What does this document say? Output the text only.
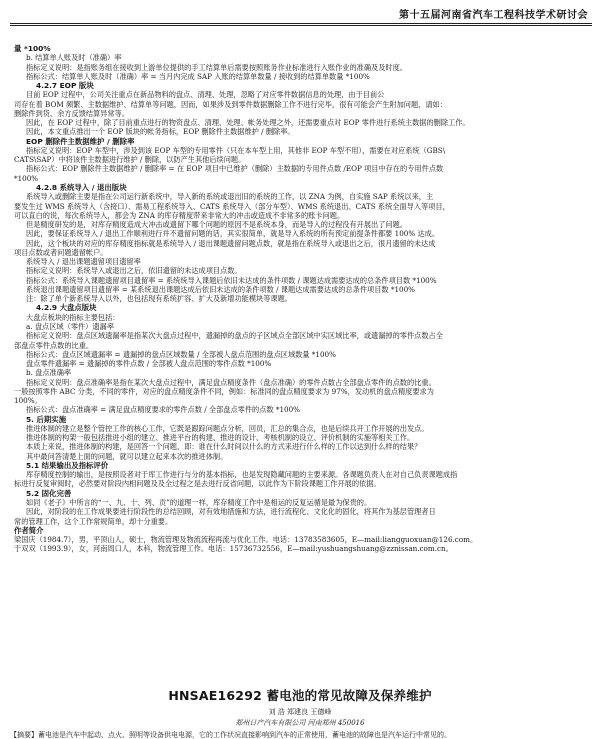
第十五届河南省汽车工程科技学术研讨会
量 *100%
b. 结算单人账及时（准确）率
指标定义说明：是指账务组在接收到上游单位提供的手工结算单后需要按照账务作业标准进行入账作业的准确及及时度。
指标公式：结算单人账及时（准确）率 = 当月内完成 SAP 入账的结算单数量 / 接收到的结算单数量 *100%
4.2.7 EOP 版块
目前 EOP 过程中，公司关注重点在新品物料的盘点、清理、处理，忽略了对应零件数据信息的处理，由于目前公
司存在着 BOM 频繁、主数据维护、结算单等问题，因而，如果涉及到零件数据删除工作不进行完毕，很有可能会产生附加问题，请如：
删除件到货、余方反馈结算异常等。
因此，在 EOP 过程中，除了目前重点进行的物资盘点、清理、处理、帐务处理之外，还需要重点对 EOP 零件进行系统主数据的删除工作。
因此，本文重点推出一个 EOP 版块的帐务指标，EOP 删除件主数据维护 / 删除率。
EOP 删除件主数据维护 / 删除率
指标定义说明：EOP 车型中，涉及到该 EOP 车型的专用零件（只在本车型上用，其他非 EOP 车型不用），需要在对应系统（GBS\
CATS\SAP）中将该件主数据进行维护 / 删除，以防产生其他后续问题。
指标公式：EOP 删除件主数据维护 / 删除率 = 在 EOP 项目中已维护（删除）主数据的专用件点数 /EOP 项目中存在的专用件点数
*100%
4.2.8 系统导入 / 退出版块
系统导入或删除主要是指在公司运行新系统中，导入新的系统或退出旧的系统的工作，以 ZNA 为例，自实施 SAP 系统以来，主
要发生过 WMS 系统导入（含接口）、需易工程系统导入、CATS 系统导入（部分车型）、WMS 系统退出、CATS 系统全面导入等项目，
可以直白的说，每次系统导入，都会为 ZNA 的库存精度带来非常大的冲击或造成不非常多的账卡问题。
但是精度研发的是，对库存精度造成大冲击或遗留下哪个问题的原因不是系统本身，而是导入的过程没有开展出了问题。
因此，要保证系统导入 / 退出工作顺利进行并不遗留问题的话，其实很简单，就是导入系统的所有预定前提条件都要 100% 达成。
因此，这个板块的对应的库存精度指标就是系统导入 / 退出课题遗留问题点数，就是指在系统导入或退出之后，很月遗留的未达成
项目点数或者问题遗留帐户。
系统导入 / 退出课题遗留项目遗留率
指标定义说明：系统导入或退出之后，依旧遗留的未达成项目点数。
指标公式：系统导入课题遗留项目遗留率 = 系统统导入课题后依旧未达成的条件项数 / 课题达成需要达成的总条件项目数 *100%
系统退出课题遗留项目遗留率 = 某系统退出课题达成后依旧未达成的条件项数 / 课题达成需要达成的总条件项目数 *100%
注：除了单个新系统导入以外，也包括现有系统扩容、扩大及新增功能模块等课题。
4.2.9 大盘点版块
大盘点板块的指标主要包括：
a. 盘点区域（零件）遗漏率
指标定义说明：盘点区域遗漏率是指某次大盘点过程中，遗漏掉的盘点的子区域点全部区域中实区域比率，或遗漏掉的零件点数占全
部盘点零件点数的比重。
指标公式：盘点区域遗漏率 = 遗漏掉的盘点区域数量 / 全部被人盘点范围的盘点区域数量 *100%
盘点零件遗漏率 = 遗漏掉的零件点数 / 全部被人盘点范围的零件点数 *100%
b. 盘点准确率
指标定义说明：盘点准确率是指在某次大盘点过程中，满足盘点精度条件（盘点准确）的零件点数占全部盘点零件的点数的比重。
一般按照零件 ABC 分类，不同的零件，对应的盘点精度条件不同，例如：标准同的盘点精度要求为 97%，发动机的盘点精度要求为
100%。
指标公式：盘点准确率 = 满足盘点精度要求的零件点数 / 全部盘点零件的点数 *100%
5. 后期实施
推进体制的建立是整个管控工作的核心工作，它既是跟踪问题点分析，回员，汇总的集合点，也是后续兵开工作开展的出发点。
推进体制的构架一般包括推进小组的建立、推进平台的构建、推进的设计、考核机制的设立、评价机制的实施等相关工作。
本质上来说，推进体制的构建，是回答一个问题，即：谁在什么时间以什么的方式来进行什么样的工作以达到什么样的结果？
其中最问答清楚上面的问题，就可以建立起来本次的推进体制。
5.1 结果输出及指标评价
库存精度控制的输出，是按照设者对于库工作进行与分的基本指标，也是发现隐藏问题的主要来源。各课题负责人在对自己负责课题成指
标进行反复审阅时，必然要对阶段内相问题及及全过程之是去进行反省问题，以此作为下阶段课题工作开展的依据。
5.2 固化完善
如同《老子》中所言的“一、九、十、列、贡”的道理一样，库存精度工作中是相运的反复运循是最为保贵的。
因此，对阶段的在工作成果要进行阶段性的总结回顾，对有效地措施和方法，进行流程化、文化化的固化，将其作为基层管理者日
常的管理工作，这个工作常规简单，却十分重要。
作者简介
梁国庆（1984.7），男，平顶山人，硕士，物流管理及物流流程再流与优化工作。电话：13783583605，E—mail:liangguoxuan@126.com。
于双双（1993.9），女，河南周口人，本科，物流管理工作。电话：15736732556，E—mail:yushuangshuang@zznissan.com.cn。
HNSAE16292 蓄电池的常见故障及保养维护
刘 浩 郑建良 王德峰
郑州日产汽车有限公司 河南郑州 450016
【摘要】蓄电池是汽车中起动、点火、照明等设备供电电源，它的工作状况直接影响到汽车的正常使用，蓄电池的故障也是汽车运行中常见的。
